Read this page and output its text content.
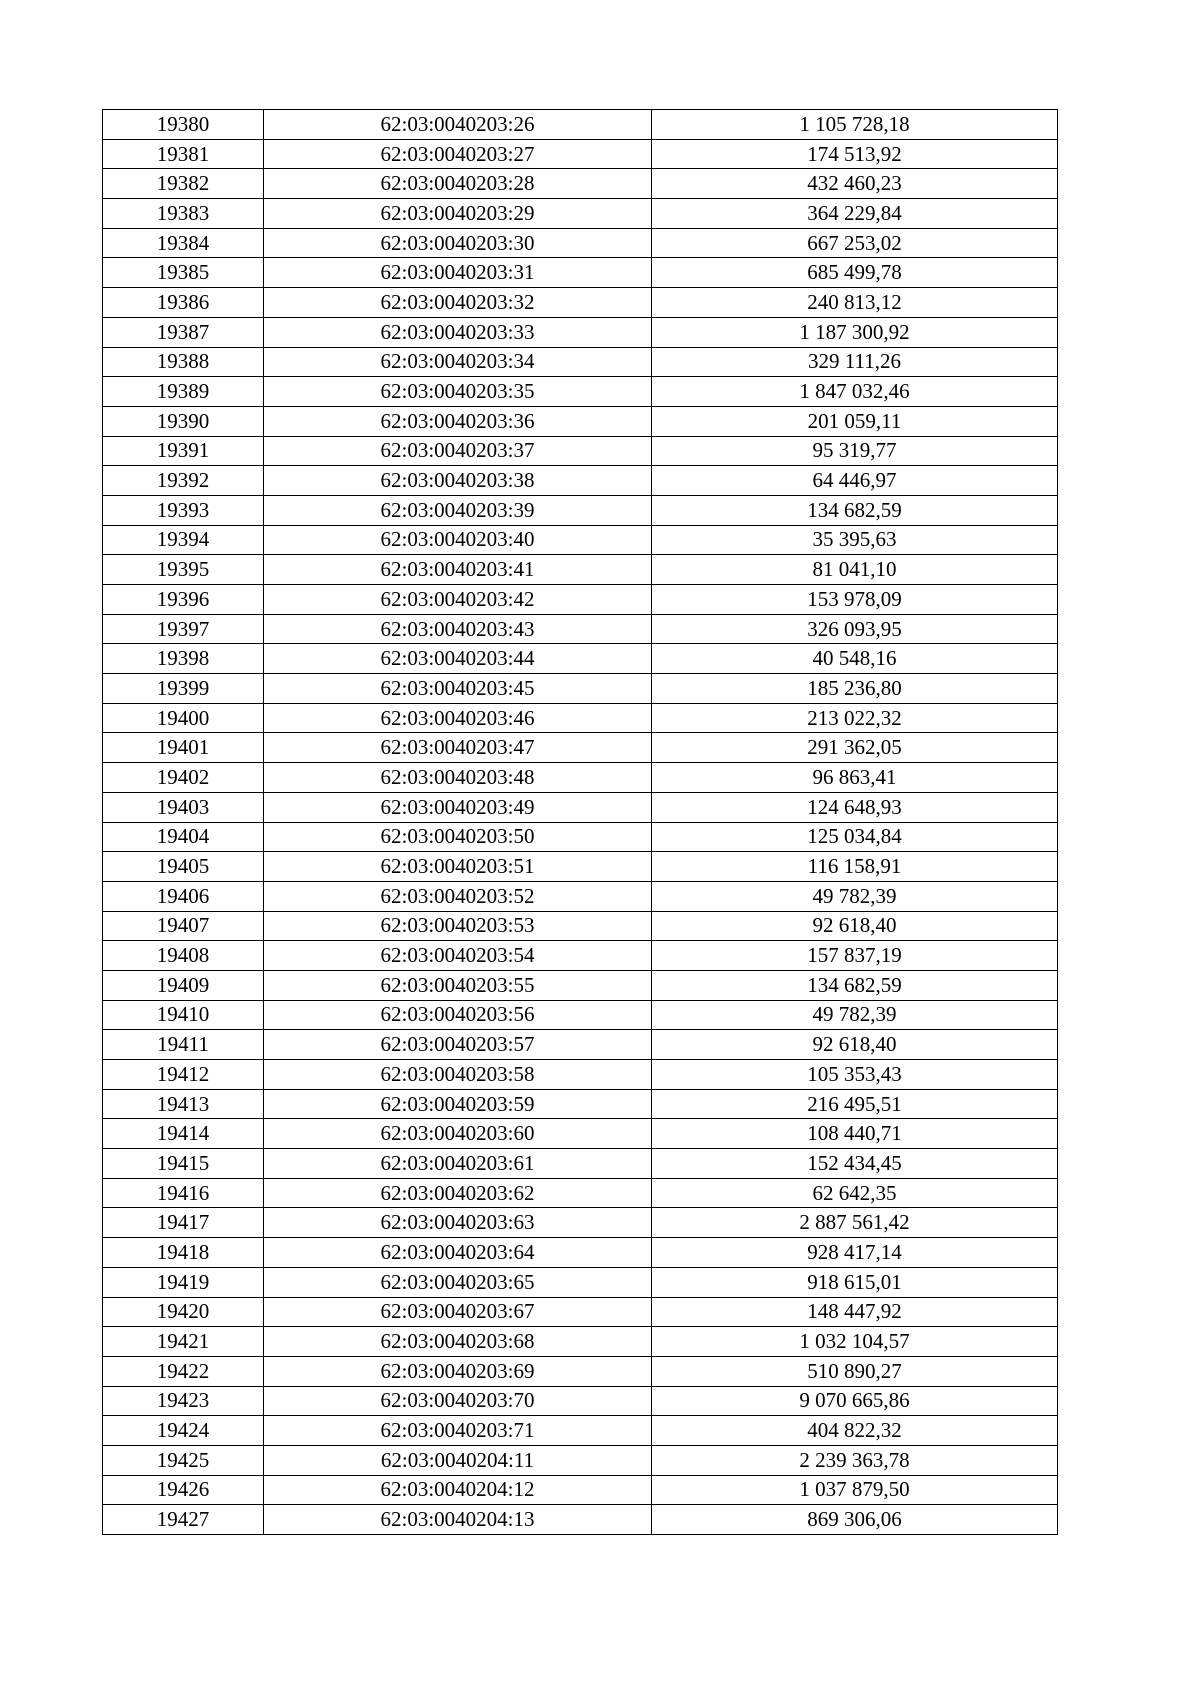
19380	62:03:0040203:26	1 105 728,18
19381	62:03:0040203:27	174 513,92
19382	62:03:0040203:28	432 460,23
19383	62:03:0040203:29	364 229,84
19384	62:03:0040203:30	667 253,02
19385	62:03:0040203:31	685 499,78
19386	62:03:0040203:32	240 813,12
19387	62:03:0040203:33	1 187 300,92
19388	62:03:0040203:34	329 111,26
19389	62:03:0040203:35	1 847 032,46
19390	62:03:0040203:36	201 059,11
19391	62:03:0040203:37	95 319,77
19392	62:03:0040203:38	64 446,97
19393	62:03:0040203:39	134 682,59
19394	62:03:0040203:40	35 395,63
19395	62:03:0040203:41	81 041,10
19396	62:03:0040203:42	153 978,09
19397	62:03:0040203:43	326 093,95
19398	62:03:0040203:44	40 548,16
19399	62:03:0040203:45	185 236,80
19400	62:03:0040203:46	213 022,32
19401	62:03:0040203:47	291 362,05
19402	62:03:0040203:48	96 863,41
19403	62:03:0040203:49	124 648,93
19404	62:03:0040203:50	125 034,84
19405	62:03:0040203:51	116 158,91
19406	62:03:0040203:52	49 782,39
19407	62:03:0040203:53	92 618,40
19408	62:03:0040203:54	157 837,19
19409	62:03:0040203:55	134 682,59
19410	62:03:0040203:56	49 782,39
19411	62:03:0040203:57	92 618,40
19412	62:03:0040203:58	105 353,43
19413	62:03:0040203:59	216 495,51
19414	62:03:0040203:60	108 440,71
19415	62:03:0040203:61	152 434,45
19416	62:03:0040203:62	62 642,35
19417	62:03:0040203:63	2 887 561,42
19418	62:03:0040203:64	928 417,14
19419	62:03:0040203:65	918 615,01
19420	62:03:0040203:67	148 447,92
19421	62:03:0040203:68	1 032 104,57
19422	62:03:0040203:69	510 890,27
19423	62:03:0040203:70	9 070 665,86
19424	62:03:0040203:71	404 822,32
19425	62:03:0040204:11	2 239 363,78
19426	62:03:0040204:12	1 037 879,50
19427	62:03:0040204:13	869 306,06
